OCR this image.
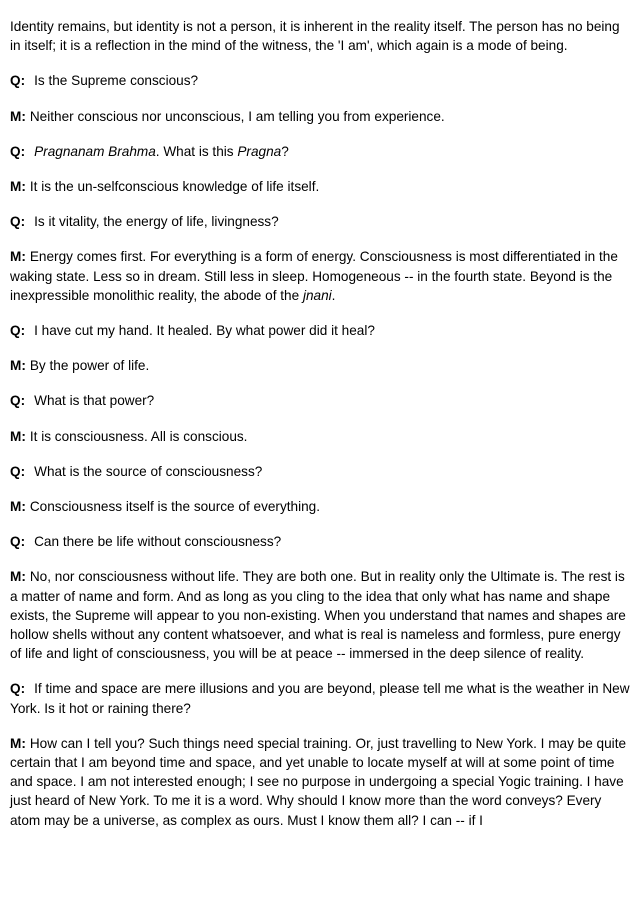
Identity remains, but identity is not a person, it is inherent in the reality itself. The person has no being in itself; it is a reflection in the mind of the witness, the 'I am', which again is a mode of being.

Q: Is the Supreme conscious?

M: Neither conscious nor unconscious, I am telling you from experience.

Q: Pragnanam Brahma. What is this Pragna?

M: It is the un-selfconscious knowledge of life itself.

Q: Is it vitality, the energy of life, livingness?

M: Energy comes first. For everything is a form of energy. Consciousness is most differentiated in the waking state. Less so in dream. Still less in sleep. Homogeneous -- in the fourth state. Beyond is the inexpressible monolithic reality, the abode of the jnani.

Q: I have cut my hand. It healed. By what power did it heal?

M: By the power of life.

Q: What is that power?

M: It is consciousness. All is conscious.

Q: What is the source of consciousness?

M: Consciousness itself is the source of everything.

Q: Can there be life without consciousness?

M: No, nor consciousness without life. They are both one. But in reality only the Ultimate is. The rest is a matter of name and form. And as long as you cling to the idea that only what has name and shape exists, the Supreme will appear to you non-existing. When you understand that names and shapes are hollow shells without any content whatsoever, and what is real is nameless and formless, pure energy of life and light of consciousness, you will be at peace -- immersed in the deep silence of reality.

Q: If time and space are mere illusions and you are beyond, please tell me what is the weather in New York. Is it hot or raining there?

M: How can I tell you? Such things need special training. Or, just travelling to New York. I may be quite certain that I am beyond time and space, and yet unable to locate myself at will at some point of time and space. I am not interested enough; I see no purpose in undergoing a special Yogic training. I have just heard of New York. To me it is a word. Why should I know more than the word conveys? Every atom may be a universe, as complex as ours. Must I know them all? I can -- if I
